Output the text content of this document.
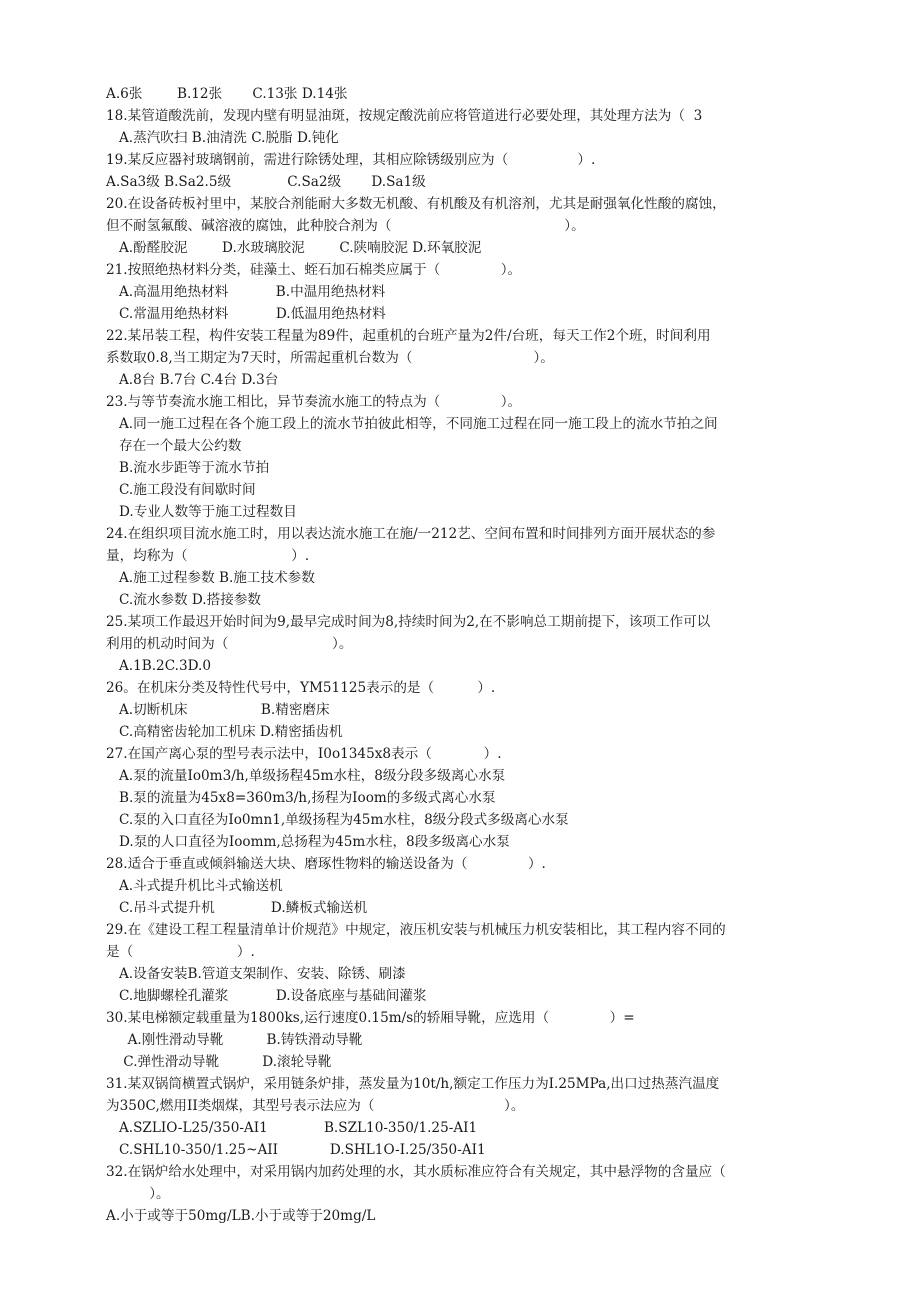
A.6张        B.12张       C.13张 D.14张
18.某管道酸洗前，发现内壁有明显油斑，按规定酸洗前应将管道进行必要处理，其处理方法为（  3
A.蒸汽吹扫 B.油清洗 C.脱脂 D.钝化
19.某反应器衬玻璃钢前，需进行除锈处理，其相应除锈级别应为（                ）.
A.Sa3级 B.Sa2.5级             C.Sa2级       D.Sa1级
20.在设备砖板衬里中，某胶合剂能耐大多数无机酸、有机酸及有机溶剂，尤其是耐强氧化性酸的腐蚀，
但不耐氢氟酸、碱溶液的腐蚀，此种胶合剂为（                                        ）。
A.酚醛胶泥        D.水玻璃胶泥        C.陕喃胶泥 D.环氧胶泥
21.按照绝热材料分类，硅藻土、蛭石加石棉类应属于（              ）。
A.高温用绝热材料           B.中温用绝热材料
C.常温用绝热材料           D.低温用绝热材料
22.某吊装工程，构件安装工程量为89件，起重机的台班产量为2件/台班，每天工作2个班，时间利用
系数取0.8,当工期定为7天时，所需起重机台数为（                            ）。
A.8台 B.7台 C.4台 D.3台
23.与等节奏流水施工相比，异节奏流水施工的特点为（              ）。
A.同一施工过程在各个施工段上的流水节拍彼此相等，不同施工过程在同一施工段上的流水节拍之间
存在一个最大公约数
B.流水步距等于流水节拍
C.施工段没有间歇时间
D.专业人数等于施工过程数目
24.在组织项目流水施工时，用以表达流水施工在施/一212艺、空间布置和时间排列方面开展状态的参
量，均称为（                        ）.
A.施工过程参数 B.施工技术参数
C.流水参数 D.搭接参数
25.某项工作最迟开始时间为9,最早完成时间为8,持续时间为2,在不影响总工期前提下，该项工作可以
利用的机动时间为（                        ）。
A.1B.2C.3D.0
26。在机床分类及特性代号中，YM51125表示的是（          ）.
A.切断机床                 B.精密磨床
C.高精密齿轮加工机床 D.精密插齿机
27.在国产离心泵的型号表示法中，I0o1345x8表示（            ）.
A.泵的流量Io0m3/h,单级扬程45m水柱，8级分段多级离心水泵
B.泵的流量为45x8=360m3/h,扬程为Ioom的多级式离心水泵
C.泵的入口直径为Io0mn1,单级扬程为45m水柱，8级分段式多级离心水泵
D.泵的人口直径为Ioomm,总扬程为45m水柱，8段多级离心水泵
28.适合于垂直或倾斜输送大块、磨琢性物料的输送设备为（              ）.
A.斗式提升机比斗式输送机
C.吊斗式提升机             D.鳞板式输送机
29.在《建设工程工程量清单计价规范》中规定，液压机安装与机械压力机安装相比，其工程内容不同的
是（                        ）.
A.设备安装B.管道支架制作、安装、除锈、刷漆
C.地脚螺栓孔灌浆           D.设备底座与基础间灌浆
30.某电梯额定载重量为1800ks,运行速度0.15m/s的轿厢导靴，应选用（              ）=
A.刚性滑动导靴          B.铸铁滑动导靴
C.弹性滑动导靴          D.滚轮导靴
31.某双锅筒横置式锅炉，采用链条炉排，蒸发量为10t/h,额定工作压力为I.25MPa,出口过热蒸汽温度
为350C,燃用II类烟煤，其型号表示法应为（                              ）。
A.SZLIO-L25/350-AI1             B.SZL10-350/1.25-AI1
C.SHL10-350/1.25~AII            D.SHL1O-I.25/350-AI1
32.在锅炉给水处理中，对采用锅内加药处理的水，其水质标准应符合有关规定，其中悬浮物的含量应（
）。
A.小于或等于50mg/LB.小于或等于20mg/L
